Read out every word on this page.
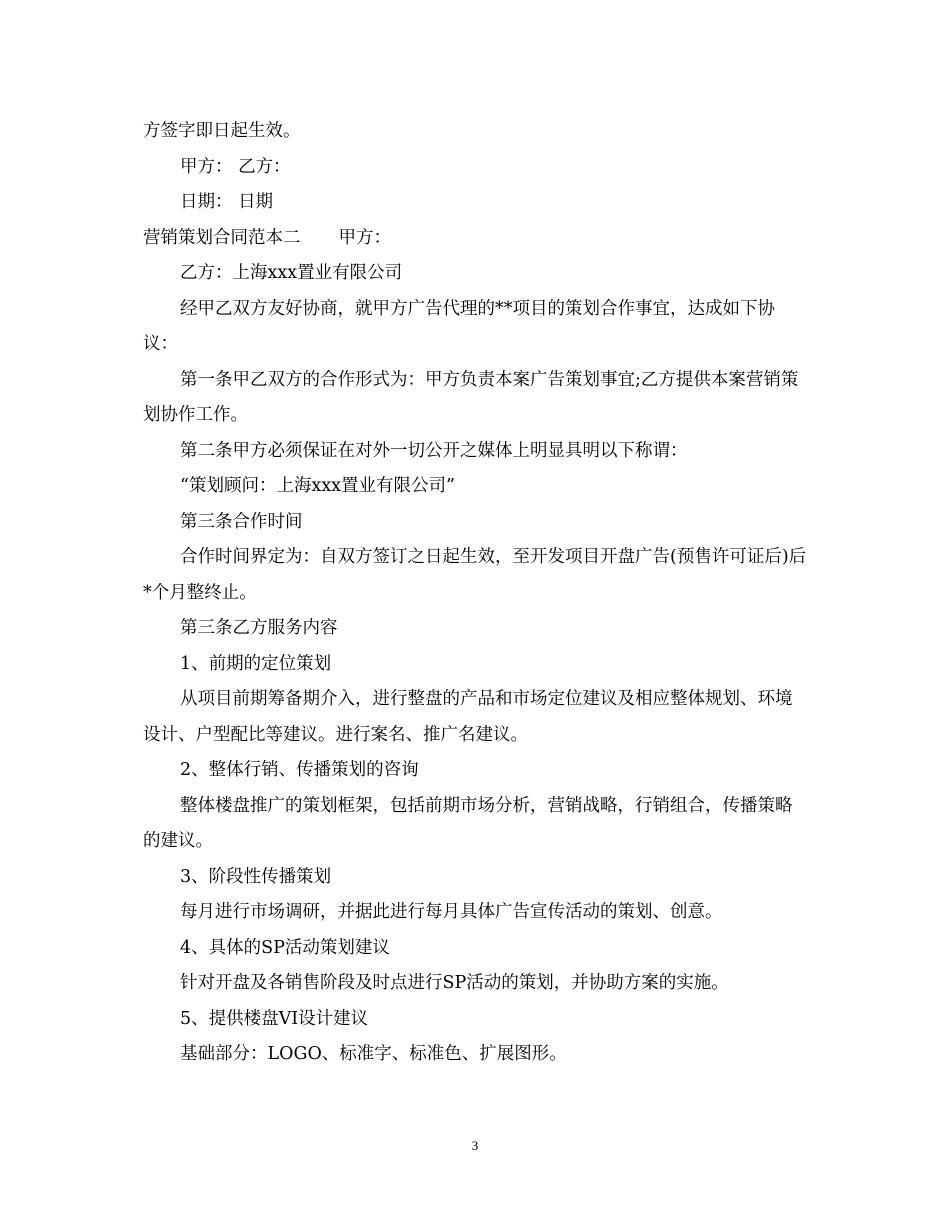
方签字即日起生效。

甲方： 乙方：

日期： 日期

营销策划合同范本二 甲方：

乙方：上海xxx置业有限公司

经甲乙双方友好协商，就甲方广告代理的**项目的策划合作事宜，达成如下协议：

第一条甲乙双方的合作形式为：甲方负责本案广告策划事宜;乙方提供本案营销策划协作工作。

第二条甲方必须保证在对外一切公开之媒体上明显具明以下称谓：

“策划顾问：上海xxx置业有限公司”

第三条合作时间

合作时间界定为：自双方签订之日起生效，至开发项目开盘广告(预售许可证后)后*个月整终止。

第三条乙方服务内容

1、前期的定位策划

从项目前期筹备期介入，进行整盘的产品和市场定位建议及相应整体规划、环境设计、户型配比等建议。进行案名、推广名建议。

2、整体行销、传播策划的咨询

整体楼盘推广的策划框架，包括前期市场分析，营销战略，行销组合，传播策略的建议。

3、阶段性传播策划

每月进行市场调研，并据此进行每月具体广告宣传活动的策划、创意。

4、具体的SP活动策划建议

针对开盘及各销售阶段及时点进行SP活动的策划，并协助方案的实施。

5、提供楼盘VI设计建议

基础部分：LOGO、标准字、标准色、扩展图形。

3
